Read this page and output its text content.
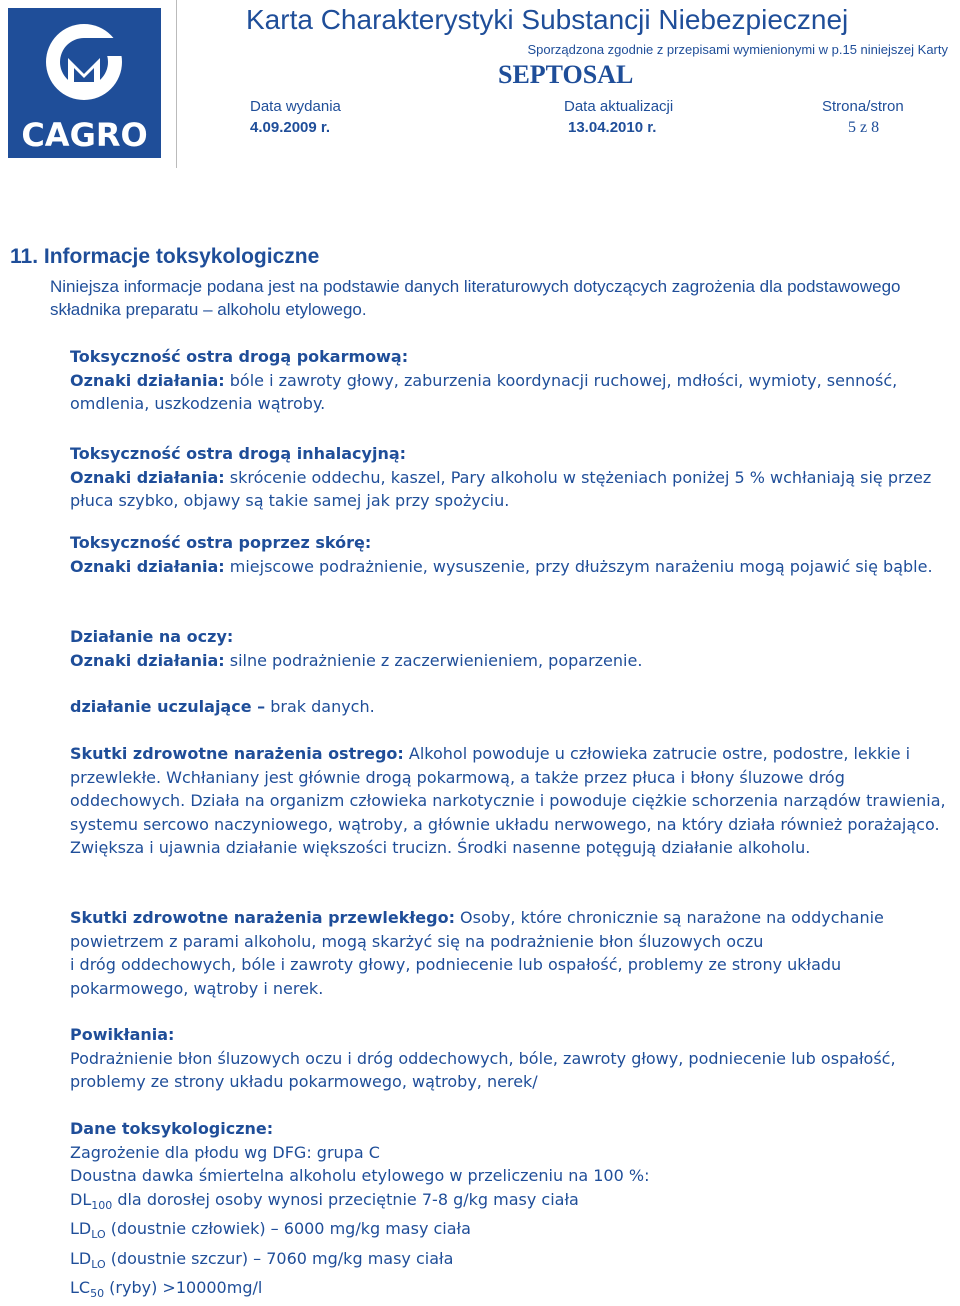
CAGRO
Karta Charakterystyki Substancji Niebezpiecznej
Sporządzona zgodnie z przepisami wymienionymi w p.15 niniejszej Karty
SEPTOSAL
Data wydania
4.09.2009 r.
Data aktualizacji
13.04.2010 r.
Strona/stron
5 z 8
11. Informacje toksykologiczne
Niniejsza informacje podana jest na podstawie danych literaturowych dotyczących zagrożenia dla podstawowego składnika preparatu – alkoholu etylowego.
Toksyczność ostra drogą pokarmową:
Oznaki działania: bóle i zawroty głowy, zaburzenia koordynacji ruchowej, mdłości, wymioty, senność, omdlenia, uszkodzenia wątroby.
Toksyczność ostra drogą inhalacyjną:
Oznaki działania: skrócenie oddechu, kaszel, Pary alkoholu w stężeniach poniżej 5 % wchłaniają się przez płuca szybko, objawy są takie samej jak przy spożyciu.
Toksyczność ostra poprzez skórę:
Oznaki działania: miejscowe podrażnienie, wysuszenie, przy dłuższym narażeniu mogą pojawić się bąble.
Działanie na oczy:
Oznaki działania: silne podrażnienie z zaczerwienieniem, poparzenie.
działanie uczulające – brak danych.
Skutki zdrowotne narażenia ostrego: Alkohol powoduje u człowieka zatrucie ostre, podostre, lekkie i przewlekłe. Wchłaniany jest głównie drogą pokarmową, a także przez płuca i błony śluzowe dróg oddechowych. Działa na organizm człowieka narkotycznie i powoduje ciężkie schorzenia narządów trawienia, systemu sercowo naczyniowego, wątroby, a głównie układu nerwowego, na który działa również porażająco. Zwiększa i ujawnia działanie większości trucizn. Środki nasenne potęgują działanie alkoholu.
Skutki zdrowotne narażenia przewlekłego: Osoby, które chronicznie są narażone na oddychanie powietrzem z parami alkoholu, mogą skarżyć się na podrażnienie błon śluzowych oczu
i dróg oddechowych, bóle i zawroty głowy, podniecenie lub ospałość, problemy ze strony układu pokarmowego, wątroby i nerek.
Powikłania:
Podrażnienie błon śluzowych oczu i dróg oddechowych, bóle, zawroty głowy, podniecenie lub ospałość, problemy ze strony układu pokarmowego, wątroby, nerek/
Dane toksykologiczne:
Zagrożenie dla płodu wg DFG: grupa C
Doustna dawka śmiertelna alkoholu etylowego w przeliczeniu na 100 %:
$DL_{100}$ dla dorosłej osoby wynosi przeciętnie 7-8 g/kg masy ciała
$LD_{LO}$ (doustnie człowiek) – 6000 mg/kg masy ciała
$LD_{LO}$ (doustnie szczur) – 7060 mg/kg masy ciała
$LC_{50}$ (ryby) >10000mg/l
